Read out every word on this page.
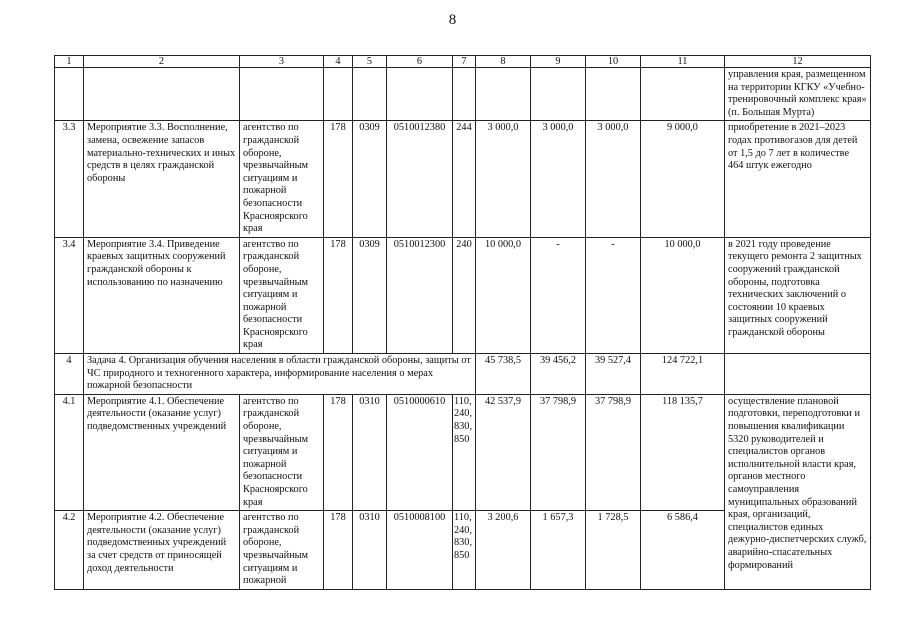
8
1	2	3	4	5	6	7	8	9	10	11	12
											управления края, размещенном на территории КГКУ «Учебно-тренировочный комплекс края» (п. Большая Мурта)
3.3	Мероприятие 3.3. Восполнение, замена, освежение запасов материально-технических и иных средств в целях гражданской обороны	агентство по гражданской обороне, чрезвычайным ситуациям и пожарной безопасности Красноярского края	178	0309	0510012380	244	3 000,0	3 000,0	3 000,0	9 000,0	приобретение в 2021–2023 годах противогазов для детей от 1,5 до 7 лет в количестве 464 штук ежегодно
3.4	Мероприятие 3.4. Приведение краевых защитных сооружений гражданской обороны к использованию по назначению	агентство по гражданской обороне, чрезвычайным ситуациям и пожарной безопасности Красноярского края	178	0309	0510012300	240	10 000,0	-	-	10 000,0	в 2021 году проведение текущего ремонта 2 защитных сооружений гражданской обороны, подготовка технических заключений о состоянии 10 краевых защитных сооружений гражданской обороны
4	Задача 4. Организация обучения населения в области гражданской обороны, защиты от ЧС природного и техногенного характера, информирование населения о мерах пожарной безопасности						45 738,5	39 456,2	39 527,4	124 722,1	
4.1	Мероприятие 4.1. Обеспечение деятельности (оказание услуг) подведомственных учреждений	агентство по гражданской обороне, чрезвычайным ситуациям и пожарной безопасности Красноярского края	178	0310	0510000610	110, 240, 830, 850	42 537,9	37 798,9	37 798,9	118 135,7	осуществление плановой подготовки, переподготовки и повышения квалификации 5320 руководителей и специалистов органов исполнительной власти края, органов местного самоуправления муниципальных образований края, организаций, специалистов единых дежурно-диспетчерских служб, аварийно-спасательных формирований
4.2	Мероприятие 4.2. Обеспечение деятельности (оказание услуг) подведомственных учреждений за счет средств от приносящей доход деятельности	агентство по гражданской обороне, чрезвычайным ситуациям и пожарной	178	0310	0510008100	110, 240, 830, 850	3 200,6	1 657,3	1 728,5	6 586,4	
